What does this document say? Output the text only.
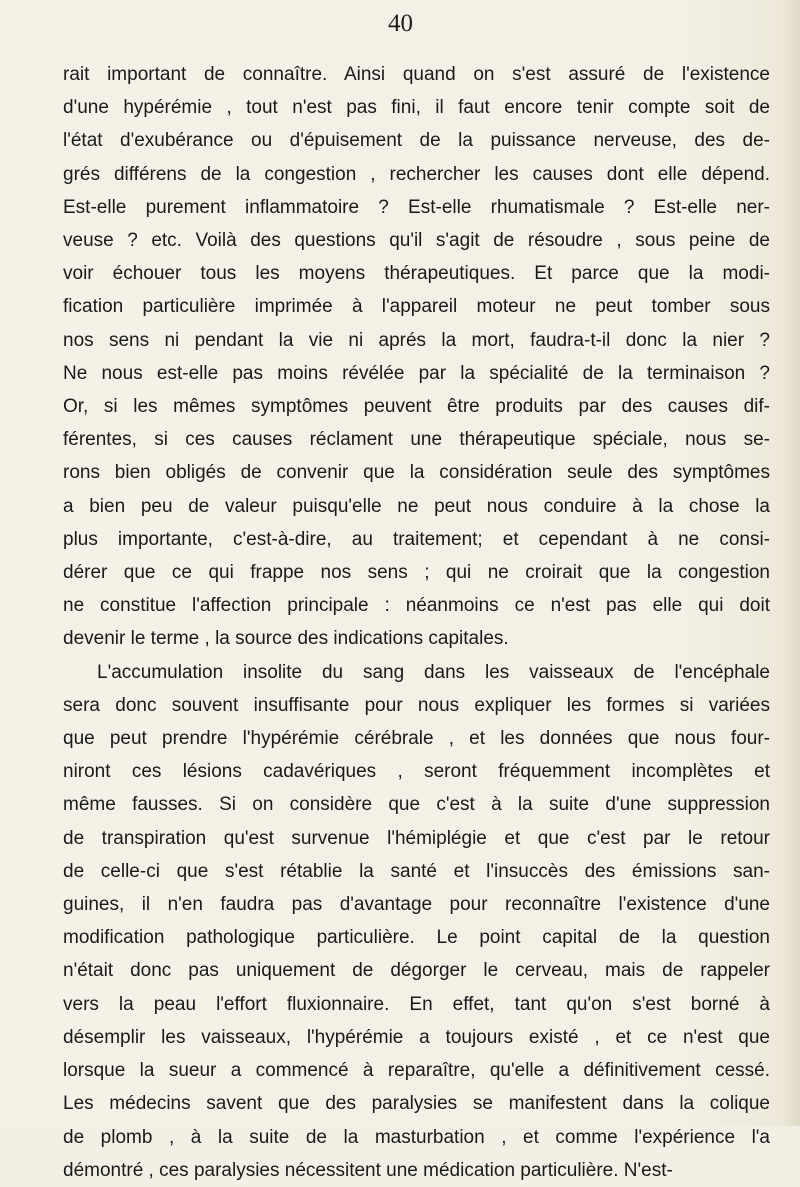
40

rait important de connaître. Ainsi quand on s'est assuré de l'existence
d'une hypérémie , tout n'est pas fini, il faut encore tenir compte soit de
l'état d'exubérance ou d'épuisement de la puissance nerveuse, des de-
grés différens de la congestion , rechercher les causes dont elle dépend.
Est-elle purement inflammatoire ? Est-elle rhumatismale ? Est-elle ner-
veuse ? etc. Voilà des questions qu'il s'agit de résoudre , sous peine de
voir échouer tous les moyens thérapeutiques. Et parce que la modi-
fication particulière imprimée à l'appareil moteur ne peut tomber sous
nos sens ni pendant la vie ni aprés la mort, faudra-t-il donc la nier ?
Ne nous est-elle pas moins révélée par la spécialité de la terminaison ?
Or, si les mêmes symptômes peuvent être produits par des causes dif-
férentes, si ces causes réclament une thérapeutique spéciale, nous se-
rons bien obligés de convenir que la considération seule des symptômes
a bien peu de valeur puisqu'elle ne peut nous conduire à la chose la
plus importante, c'est-à-dire, au traitement; et cependant à ne consi-
dérer que ce qui frappe nos sens ; qui ne croirait que la congestion
ne constitue l'affection principale : néanmoins ce n'est pas elle qui doit
devenir le terme , la source des indications capitales.
L'accumulation insolite du sang dans les vaisseaux de l'encéphale
sera donc souvent insuffisante pour nous expliquer les formes si variées
que peut prendre l'hypérémie cérébrale , et les données que nous four-
niront ces lésions cadavériques , seront fréquemment incomplètes et
même fausses. Si on considère que c'est à la suite d'une suppression
de transpiration qu'est survenue l'hémiplégie et que c'est par le retour
de celle-ci que s'est rétablie la santé et l'insuccès des émissions san-
guines, il n'en faudra pas d'avantage pour reconnaître l'existence d'une
modification pathologique particulière. Le point capital de la question
n'était donc pas uniquement de dégorger le cerveau, mais de rappeler
vers la peau l'effort fluxionnaire. En effet, tant qu'on s'est borné à
désemplir les vaisseaux, l'hypérémie a toujours existé , et ce n'est que
lorsque la sueur a commencé à reparaître, qu'elle a définitivement cessé.
Les médecins savent que des paralysies se manifestent dans la colique
de plomb , à la suite de la masturbation , et comme l'expérience l'a
démontré , ces paralysies nécessitent une médication particulière. N'est-
